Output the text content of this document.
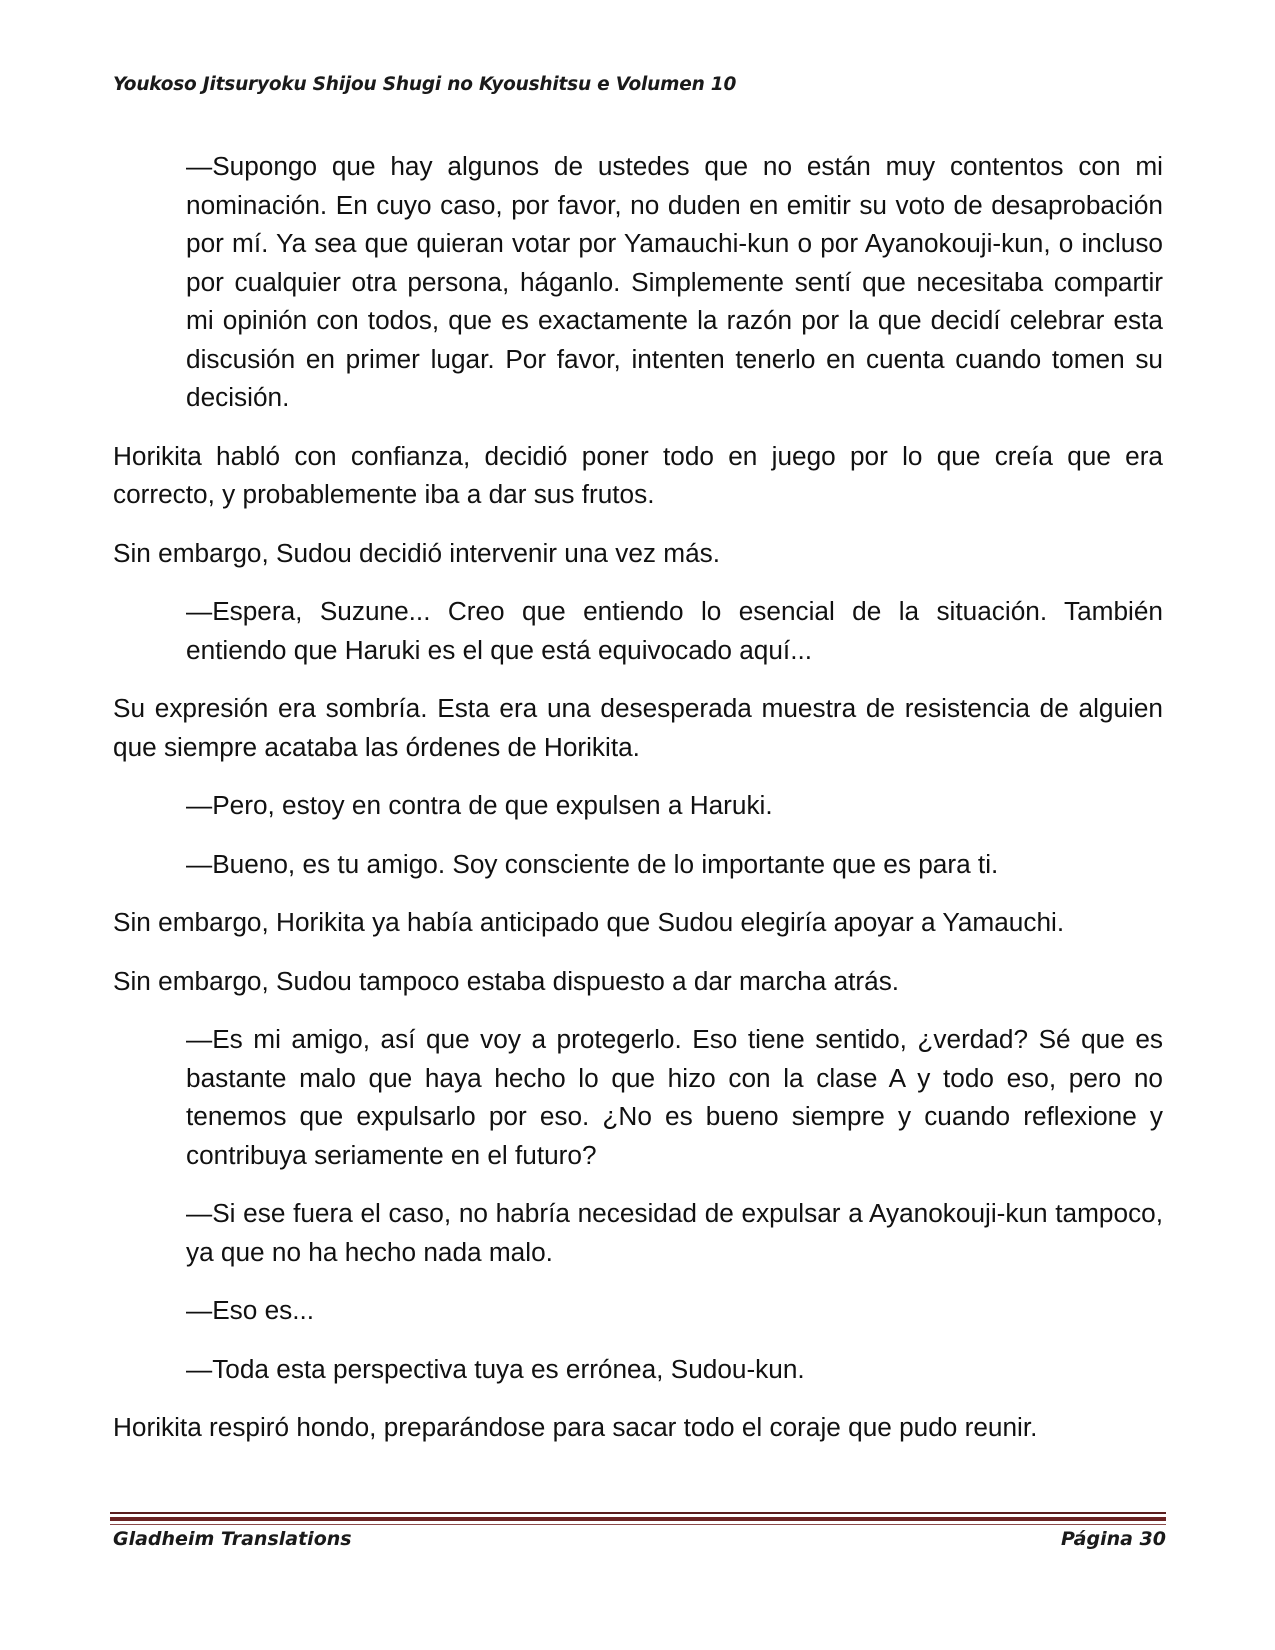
Youkoso Jitsuryoku Shijou Shugi no Kyoushitsu e Volumen 10

—Supongo que hay algunos de ustedes que no están muy contentos con mi nominación. En cuyo caso, por favor, no duden en emitir su voto de desaprobación por mí. Ya sea que quieran votar por Yamauchi-kun o por Ayanokouji-kun, o incluso por cualquier otra persona, háganlo. Simplemente sentí que necesitaba compartir mi opinión con todos, que es exactamente la razón por la que decidí celebrar esta discusión en primer lugar. Por favor, intenten tenerlo en cuenta cuando tomen su decisión.

Horikita habló con confianza, decidió poner todo en juego por lo que creía que era correcto, y probablemente iba a dar sus frutos.

Sin embargo, Sudou decidió intervenir una vez más.

—Espera, Suzune... Creo que entiendo lo esencial de la situación. También entiendo que Haruki es el que está equivocado aquí...

Su expresión era sombría. Esta era una desesperada muestra de resistencia de alguien que siempre acataba las órdenes de Horikita.

—Pero, estoy en contra de que expulsen a Haruki.

—Bueno, es tu amigo. Soy consciente de lo importante que es para ti.

Sin embargo, Horikita ya había anticipado que Sudou elegiría apoyar a Yamauchi.

Sin embargo, Sudou tampoco estaba dispuesto a dar marcha atrás.

—Es mi amigo, así que voy a protegerlo. Eso tiene sentido, ¿verdad? Sé que es bastante malo que haya hecho lo que hizo con la clase A y todo eso, pero no tenemos que expulsarlo por eso. ¿No es bueno siempre y cuando reflexione y contribuya seriamente en el futuro?

—Si ese fuera el caso, no habría necesidad de expulsar a Ayanokouji-kun tampoco, ya que no ha hecho nada malo.

—Eso es...

—Toda esta perspectiva tuya es errónea, Sudou-kun.

Horikita respiró hondo, preparándose para sacar todo el coraje que pudo reunir.

Gladheim Translations	Página 30
